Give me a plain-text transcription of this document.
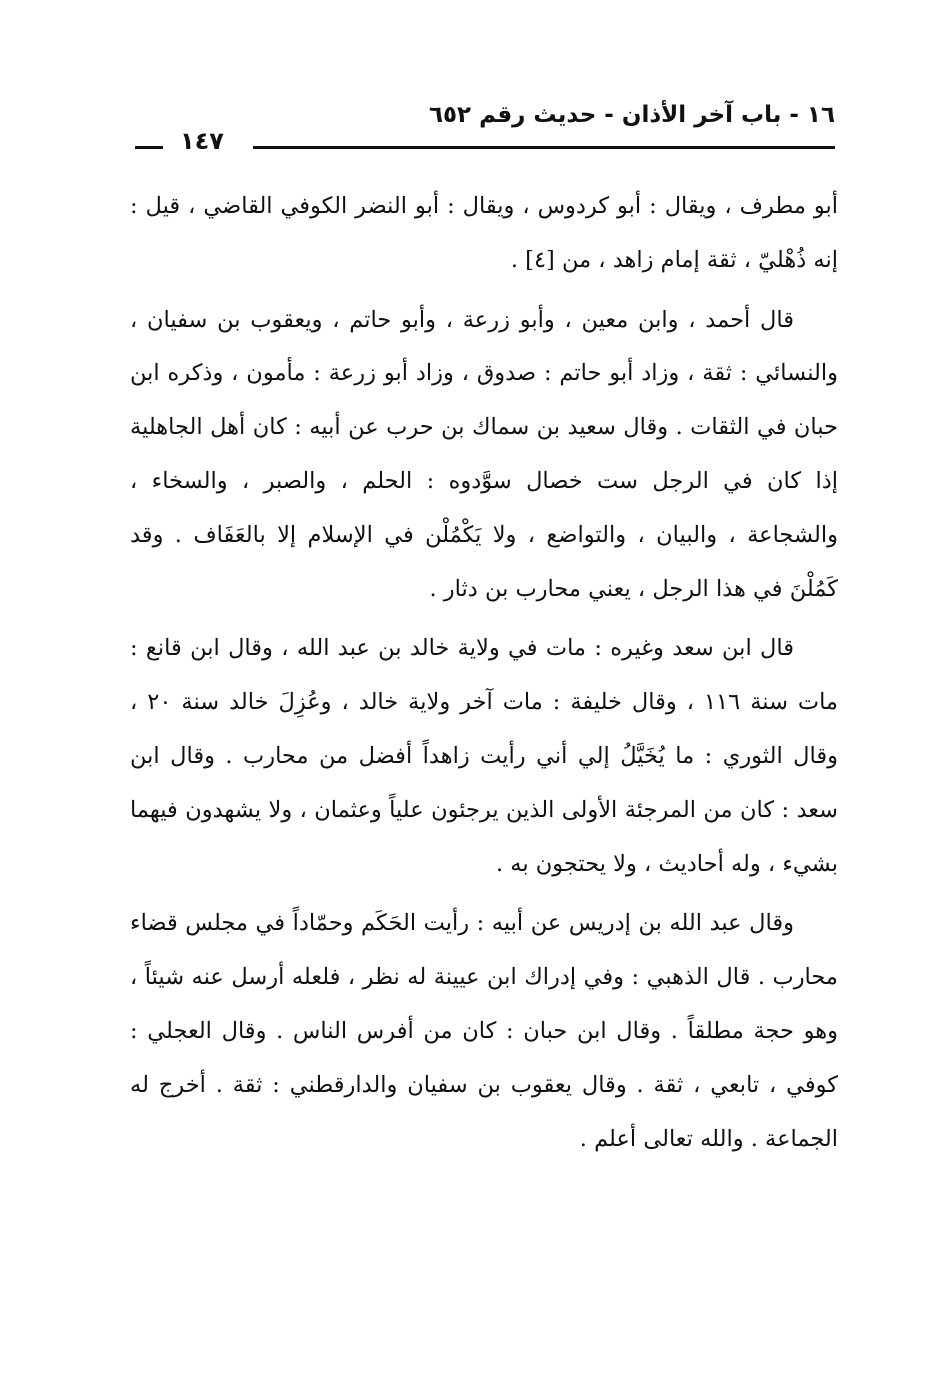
١٦ - باب آخر الأذان - حديث رقم ٦٥٢
١٤٧

أبو مطرف ، ويقال : أبو كردوس ، ويقال : أبو النضر الكوفي القاضي ، قيل : إنه ذُهْليّ ، ثقة إمام زاهد ، من [٤] .

قال أحمد ، وابن معين ، وأبو زرعة ، وأبو حاتم ، ويعقوب بن سفيان ، والنسائي : ثقة ، وزاد أبو حاتم : صدوق ، وزاد أبو زرعة : مأمون ، وذكره ابن حبان في الثقات . وقال سعيد بن سماك بن حرب عن أبيه : كان أهل الجاهلية إذا كان في الرجل ست خصال سوَّدوه : الحلم ، والصبر ، والسخاء ، والشجاعة ، والبيان ، والتواضع ، ولا يَكْمُلْن في الإسلام إلا بالعَفَاف . وقد كَمُلْنَ في هذا الرجل ، يعني محارب بن دثار .

قال ابن سعد وغيره : مات في ولاية خالد بن عبد الله ، وقال ابن قانع : مات سنة ١١٦ ، وقال خليفة : مات آخر ولاية خالد ، وعُزِلَ خالد سنة ٢٠ ، وقال الثوري : ما يُخَيَّلُ إلي أني رأيت زاهداً أفضل من محارب . وقال ابن سعد : كان من المرجئة الأولى الذين يرجئون علياً وعثمان ، ولا يشهدون فيهما بشيء ، وله أحاديث ، ولا يحتجون به .

وقال عبد الله بن إدريس عن أبيه : رأيت الحَكَم وحمّاداً في مجلس قضاء محارب . قال الذهبي : وفي إدراك ابن عيينة له نظر ، فلعله أرسل عنه شيئاً ، وهو حجة مطلقاً . وقال ابن حبان : كان من أفرس الناس . وقال العجلي : كوفي ، تابعي ، ثقة . وقال يعقوب بن سفيان والدارقطني : ثقة . أخرج له الجماعة . والله تعالى أعلم .
